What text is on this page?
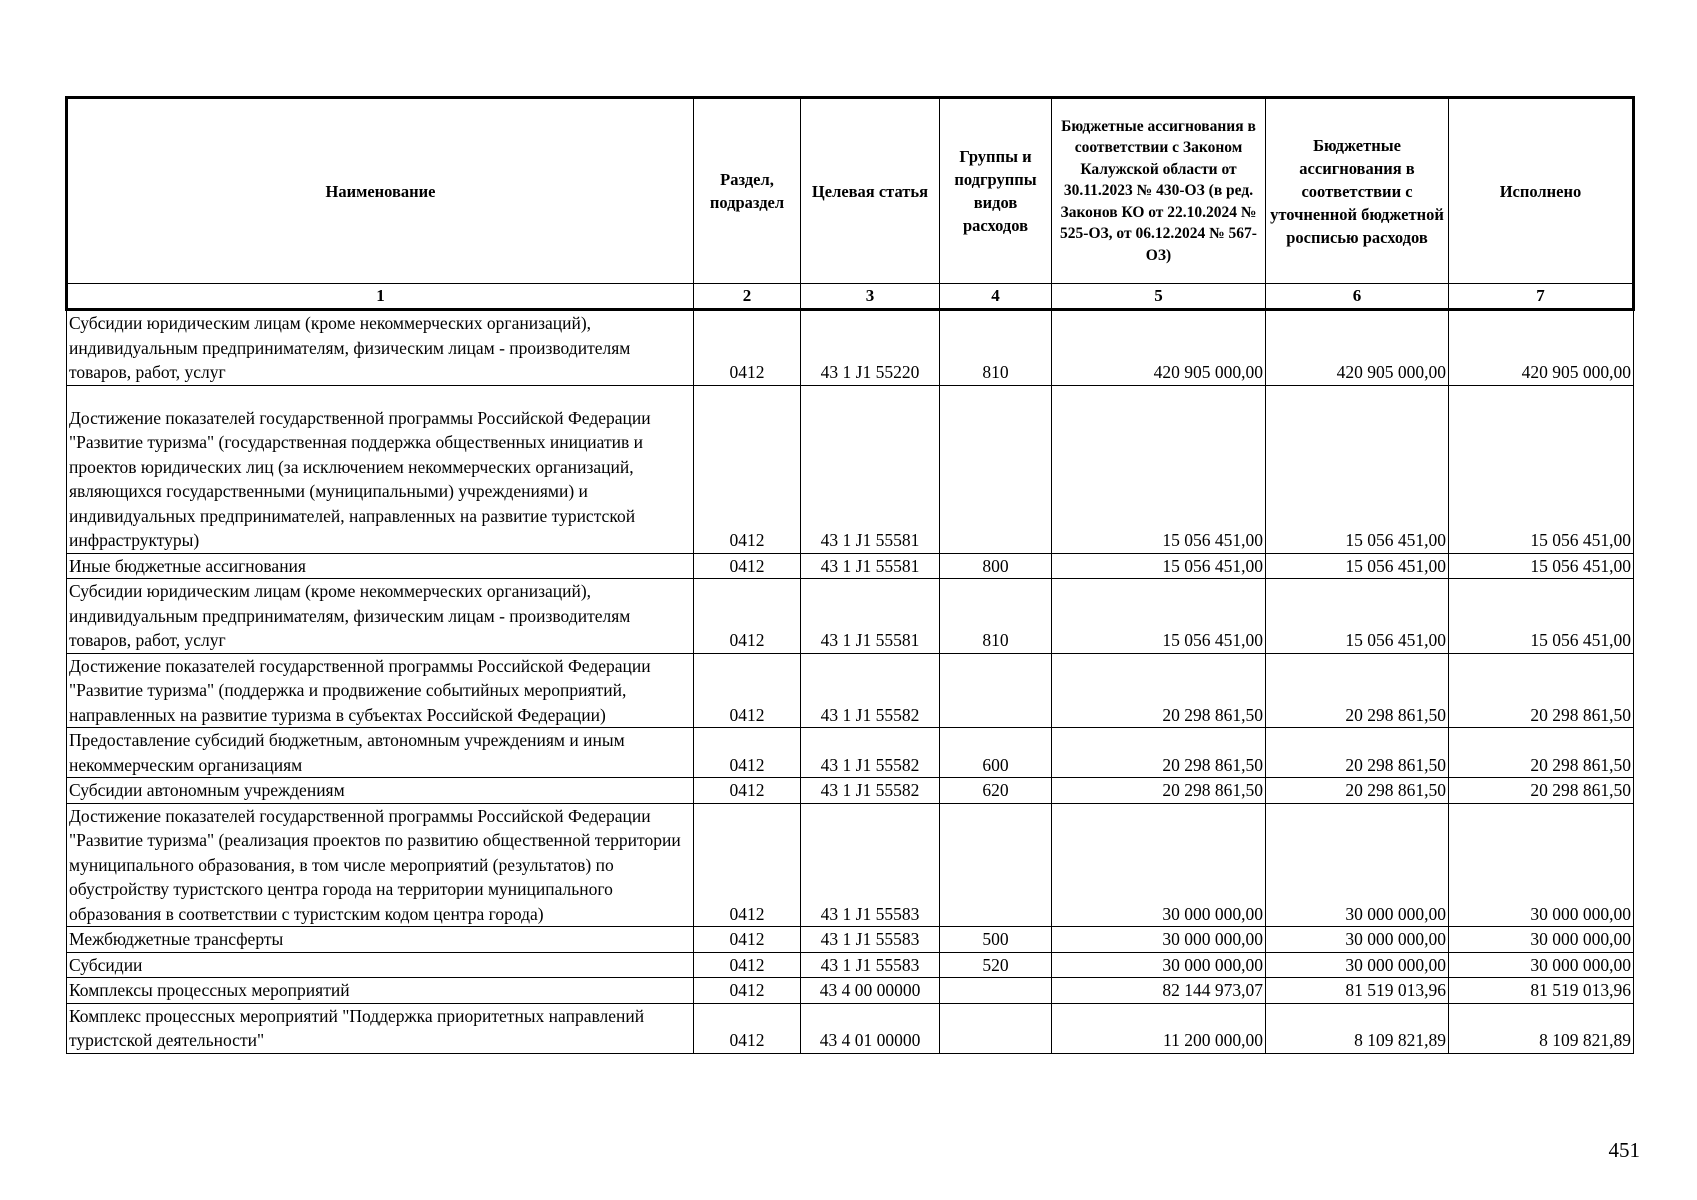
Наименование	Раздел, подраздел	Целевая статья	Группы и подгруппы видов расходов	Бюджетные ассигнования в соответствии с Законом Калужской области от 30.11.2023 № 430-ОЗ (в ред. Законов КО от 22.10.2024 № 525-ОЗ, от 06.12.2024 № 567-ОЗ)	Бюджетные ассигнования в соответствии с уточненной бюджетной росписью расходов	Исполнено
1	2	3	4	5	6	7
Субсидии юридическим лицам (кроме некоммерческих организаций), индивидуальным предпринимателям, физическим лицам - производителям товаров, работ, услуг	0412	43 1 J1 55220	810	420 905 000,00	420 905 000,00	420 905 000,00
Достижение показателей государственной программы Российской Федерации "Развитие туризма" (государственная поддержка общественных инициатив и проектов юридических лиц (за исключением некоммерческих организаций, являющихся государственными (муниципальными) учреждениями) и индивидуальных предпринимателей, направленных на развитие туристской инфраструктуры)	0412	43 1 J1 55581		15 056 451,00	15 056 451,00	15 056 451,00
Иные бюджетные ассигнования	0412	43 1 J1 55581	800	15 056 451,00	15 056 451,00	15 056 451,00
Субсидии юридическим лицам (кроме некоммерческих организаций), индивидуальным предпринимателям, физическим лицам - производителям товаров, работ, услуг	0412	43 1 J1 55581	810	15 056 451,00	15 056 451,00	15 056 451,00
Достижение показателей государственной программы Российской Федерации "Развитие туризма" (поддержка и продвижение событийных мероприятий, направленных на развитие туризма в субъектах Российской Федерации)	0412	43 1 J1 55582		20 298 861,50	20 298 861,50	20 298 861,50
Предоставление субсидий бюджетным, автономным учреждениям и иным некоммерческим организациям	0412	43 1 J1 55582	600	20 298 861,50	20 298 861,50	20 298 861,50
Субсидии автономным учреждениям	0412	43 1 J1 55582	620	20 298 861,50	20 298 861,50	20 298 861,50
Достижение показателей государственной программы Российской Федерации "Развитие туризма" (реализация проектов по развитию общественной территории муниципального образования, в том числе мероприятий (результатов) по обустройству туристского центра города на территории муниципального образования в соответствии с туристским кодом центра города)	0412	43 1 J1 55583		30 000 000,00	30 000 000,00	30 000 000,00
Межбюджетные трансферты	0412	43 1 J1 55583	500	30 000 000,00	30 000 000,00	30 000 000,00
Субсидии	0412	43 1 J1 55583	520	30 000 000,00	30 000 000,00	30 000 000,00
Комплексы процессных мероприятий	0412	43 4 00 00000		82 144 973,07	81 519 013,96	81 519 013,96
Комплекс процессных мероприятий "Поддержка приоритетных направлений туристской деятельности"	0412	43 4 01 00000		11 200 000,00	8 109 821,89	8 109 821,89
451
